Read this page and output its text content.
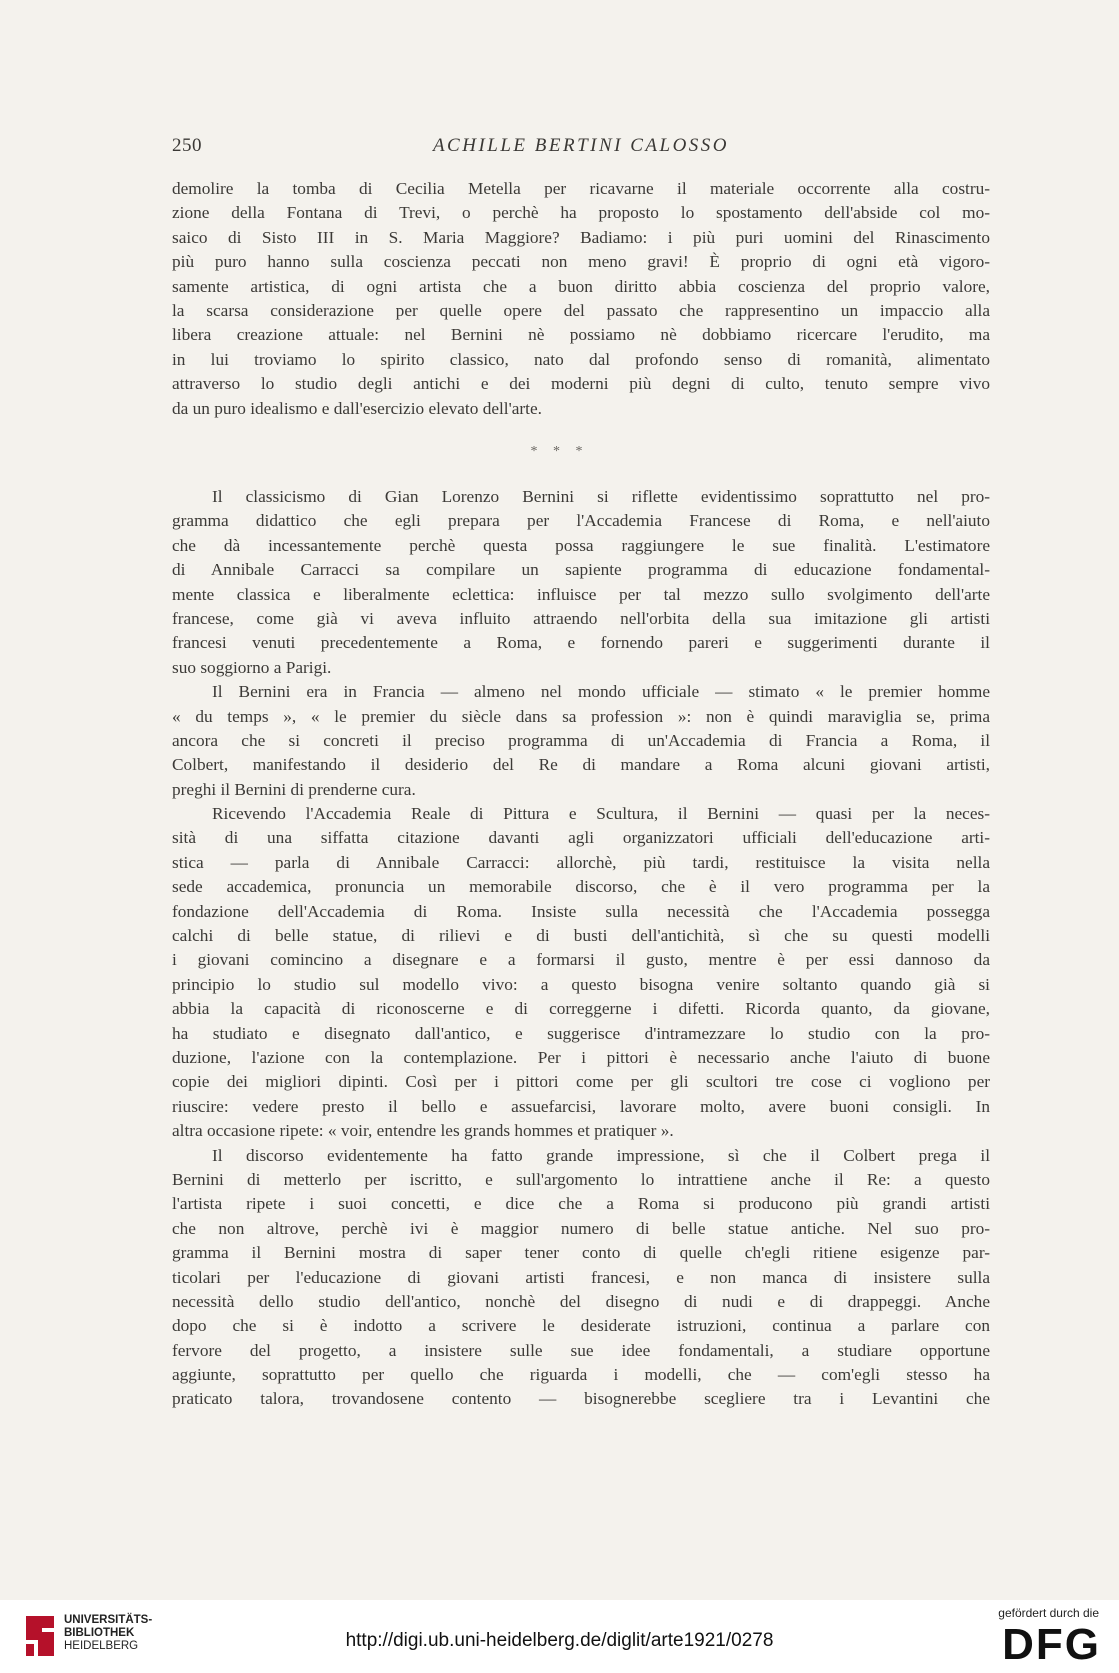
250	ACHILLE BERTINI CALOSSO
demolire la tomba di Cecilia Metella per ricavarne il materiale occorrente alla costru-
zione della Fontana di Trevi, o perchè ha proposto lo spostamento dell'abside col mo-
saico di Sisto III in S. Maria Maggiore? Badiamo: i più puri uomini del Rinascimento
più puro hanno sulla coscienza peccati non meno gravi! È proprio di ogni età vigoro-
samente artistica, di ogni artista che a buon diritto abbia coscienza del proprio valore,
la scarsa considerazione per quelle opere del passato che rappresentino un impaccio alla
libera creazione attuale: nel Bernini nè possiamo nè dobbiamo ricercare l'erudito, ma
in lui troviamo lo spirito classico, nato dal profondo senso di romanità, alimentato
attraverso lo studio degli antichi e dei moderni più degni di culto, tenuto sempre vivo
da un puro idealismo e dall'esercizio elevato dell'arte.
* * *
Il classicismo di Gian Lorenzo Bernini si riflette evidentissimo soprattutto nel pro-
gramma didattico che egli prepara per l'Accademia Francese di Roma, e nell'aiuto
che dà incessantemente perchè questa possa raggiungere le sue finalità. L'estimatore
di Annibale Carracci sa compilare un sapiente programma di educazione fondamental-
mente classica e liberalmente eclettica: influisce per tal mezzo sullo svolgimento dell'arte
francese, come già vi aveva influito attraendo nell'orbita della sua imitazione gli artisti
francesi venuti precedentemente a Roma, e fornendo pareri e suggerimenti durante il
suo soggiorno a Parigi.
Il Bernini era in Francia — almeno nel mondo ufficiale — stimato « le premier homme
« du temps », « le premier du siècle dans sa profession »: non è quindi maraviglia se, prima
ancora che si concreti il preciso programma di un'Accademia di Francia a Roma, il
Colbert, manifestando il desiderio del Re di mandare a Roma alcuni giovani artisti,
preghi il Bernini di prenderne cura.
Ricevendo l'Accademia Reale di Pittura e Scultura, il Bernini — quasi per la neces-
sità di una siffatta citazione davanti agli organizzatori ufficiali dell'educazione arti-
stica — parla di Annibale Carracci: allorchè, più tardi, restituisce la visita nella
sede accademica, pronuncia un memorabile discorso, che è il vero programma per la
fondazione dell'Accademia di Roma. Insiste sulla necessità che l'Accademia possegga
calchi di belle statue, di rilievi e di busti dell'antichità, sì che su questi modelli
i giovani comincino a disegnare e a formarsi il gusto, mentre è per essi dannoso da
principio lo studio sul modello vivo: a questo bisogna venire soltanto quando già si
abbia la capacità di riconoscerne e di correggerne i difetti. Ricorda quanto, da giovane,
ha studiato e disegnato dall'antico, e suggerisce d'intramezzare lo studio con la pro-
duzione, l'azione con la contemplazione. Per i pittori è necessario anche l'aiuto di buone
copie dei migliori dipinti. Così per i pittori come per gli scultori tre cose ci vogliono per
riuscire: vedere presto il bello e assuefarcisi, lavorare molto, avere buoni consigli. In
altra occasione ripete: « voir, entendre les grands hommes et pratiquer ».
Il discorso evidentemente ha fatto grande impressione, sì che il Colbert prega il
Bernini di metterlo per iscritto, e sull'argomento lo intrattiene anche il Re: a questo
l'artista ripete i suoi concetti, e dice che a Roma si producono più grandi artisti
che non altrove, perchè ivi è maggior numero di belle statue antiche. Nel suo pro-
gramma il Bernini mostra di saper tener conto di quelle ch'egli ritiene esigenze par-
ticolari per l'educazione di giovani artisti francesi, e non manca di insistere sulla
necessità dello studio dell'antico, nonchè del disegno di nudi e di drappeggi. Anche
dopo che si è indotto a scrivere le desiderate istruzioni, continua a parlare con
fervore del progetto, a insistere sulle sue idee fondamentali, a studiare opportune
aggiunte, soprattutto per quello che riguarda i modelli, che — com'egli stesso ha
praticato talora, trovandosene contento — bisognerebbe scegliere tra i Levantini che
UNIVERSITÄTS-
BIBLIOTHEK
HEIDELBERG	http://digi.ub.uni-heidelberg.de/diglit/arte1921/0278
gefördert durch die
DFG
